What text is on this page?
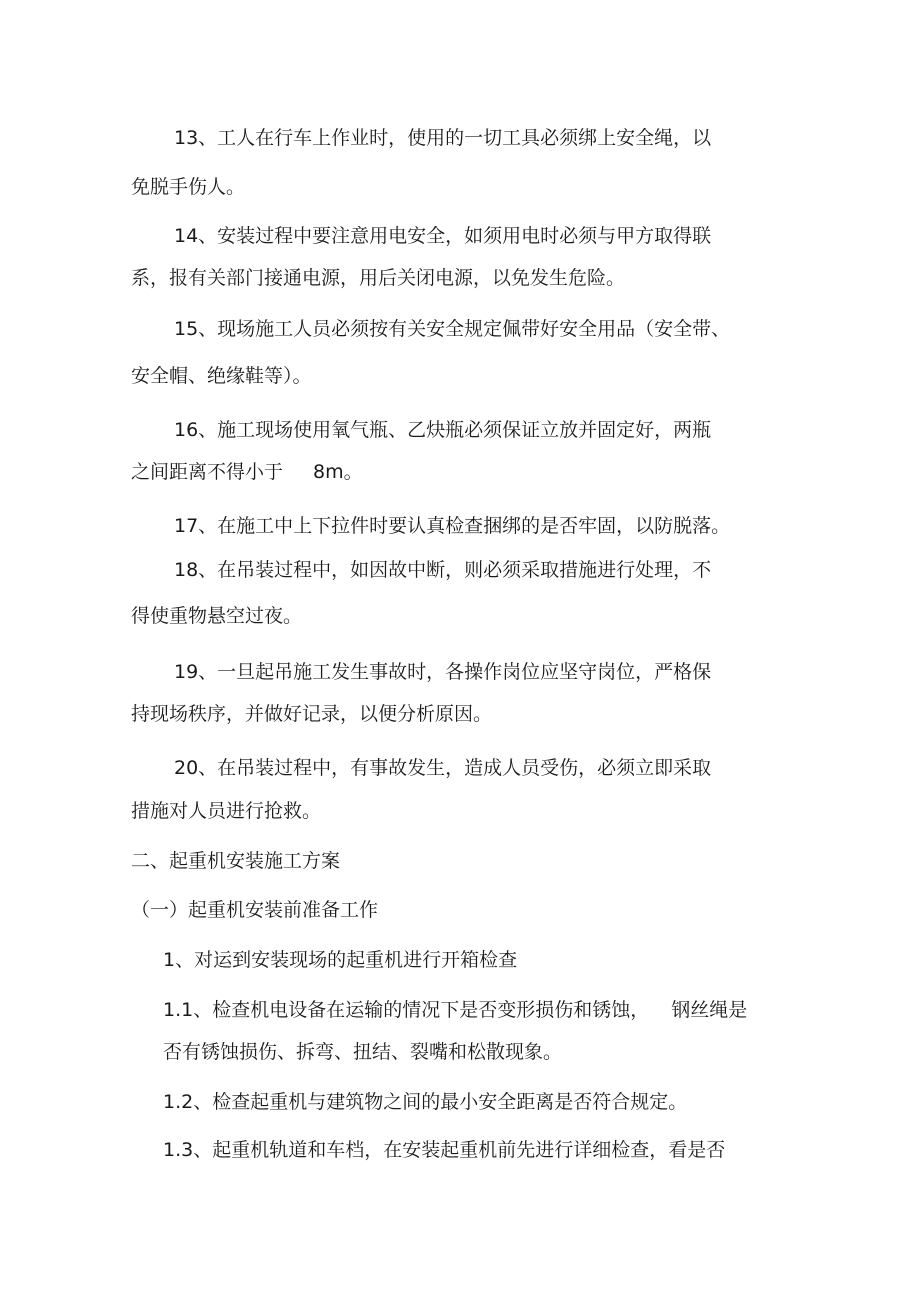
13、工人在行车上作业时，使用的一切工具必须绑上安全绳，以
免脱手伤人。
14、安装过程中要注意用电安全，如须用电时必须与甲方取得联
系，报有关部门接通电源，用后关闭电源，以免发生危险。
15、现场施工人员必须按有关安全规定佩带好安全用品（安全带、
安全帽、绝缘鞋等）。
16、施工现场使用氧气瓶、乙炔瓶必须保证立放并固定好，两瓶
之间距离不得小于 8m。
17、在施工中上下拉件时要认真检查捆绑的是否牢固，以防脱落。
18、在吊装过程中，如因故中断，则必须采取措施进行处理，不
得使重物悬空过夜。
19、一旦起吊施工发生事故时，各操作岗位应坚守岗位，严格保
持现场秩序，并做好记录，以便分析原因。
20、在吊装过程中，有事故发生，造成人员受伤，必须立即采取
措施对人员进行抢救。
二、起重机安装施工方案
（一）起重机安装前准备工作
1、对运到安装现场的起重机进行开箱检查
1.1、检查机电设备在运输的情况下是否变形损伤和锈蚀， 钢丝绳是
否有锈蚀损伤、拆弯、扭结、裂嘴和松散现象。
1.2、检查起重机与建筑物之间的最小安全距离是否符合规定。
1.3、起重机轨道和车档，在安装起重机前先进行详细检查，看是否
